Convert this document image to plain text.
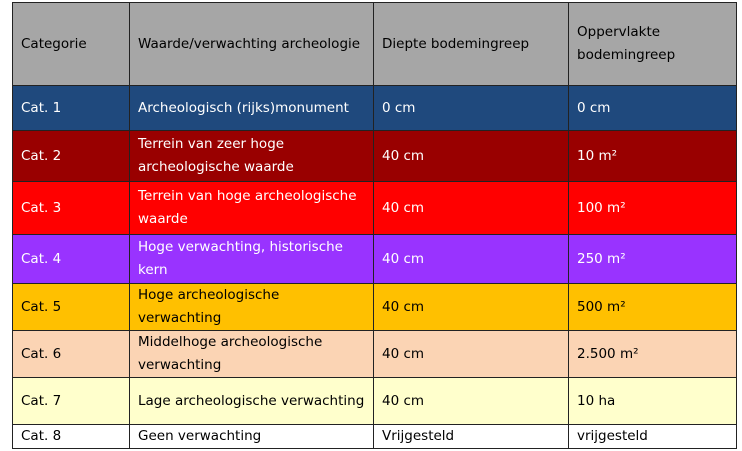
Categorie	Waarde/verwachting archeologie	Diepte bodemingreep	Oppervlakte bodemingreep
Cat. 1	Archeologisch (rijks)monument	0 cm	0 cm
Cat. 2	Terrein van zeer hoge archeologische waarde	40 cm	10 m²
Cat. 3	Terrein van hoge archeologische waarde	40 cm	100 m²
Cat. 4	Hoge verwachting, historische kern	40 cm	250 m²
Cat. 5	Hoge archeologische verwachting	40 cm	500 m²
Cat. 6	Middelhoge archeologische verwachting	40 cm	2.500 m²
Cat. 7	Lage archeologische verwachting	40 cm	10 ha
Cat. 8	Geen verwachting	Vrijgesteld	vrijgesteld
